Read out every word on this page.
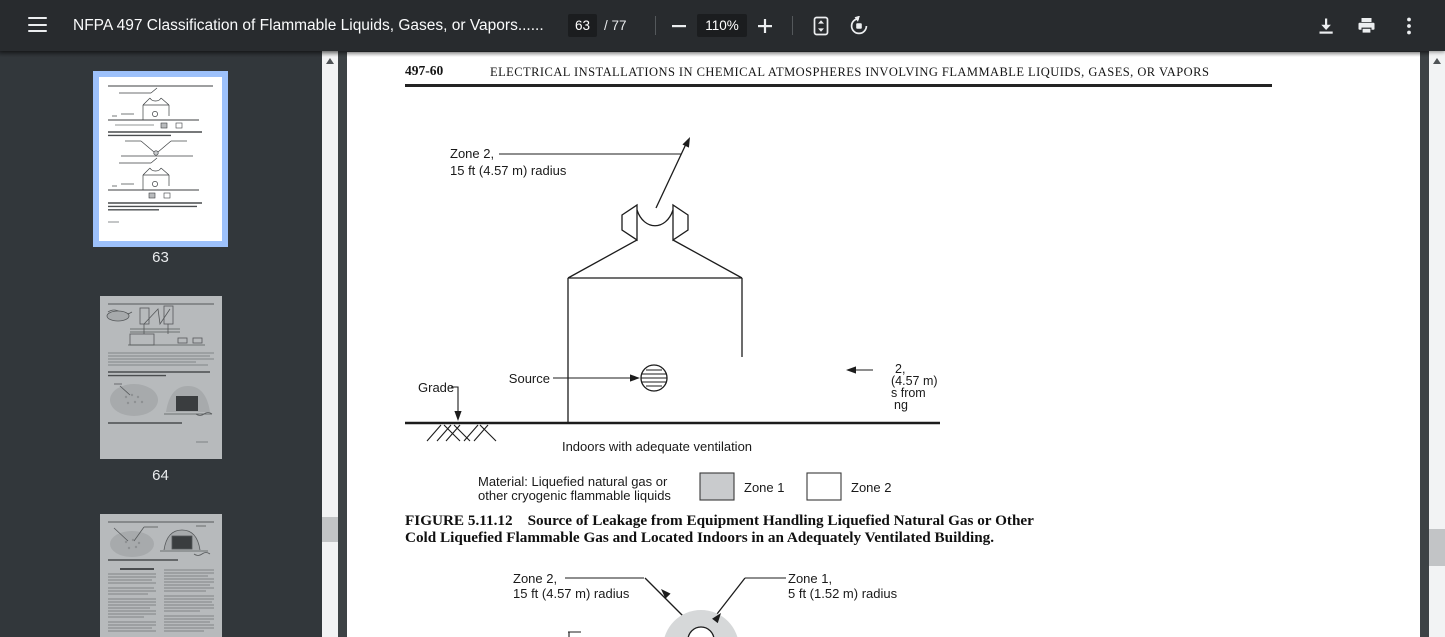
NFPA 497 Classification of Flammable Liquids, Gases, or Vapors......	63	/ 77	110%
63
64
497-60	ELECTRICAL INSTALLATIONS IN CHEMICAL ATMOSPHERES INVOLVING FLAMMABLE LIQUIDS, GASES, OR VAPORS
Zone 2,
15 ft (4.57 m) radius
Source
Grade
2,
(4.57 m)
s from
ng
Indoors with adequate ventilation
Material: Liquefied natural gas or
other cryogenic flammable liquids
Zone 1	Zone 2
Zone 2,
15 ft (4.57 m) radius
Zone 1,
5 ft (1.52 m) radius
FIGURE 5.11.12 Source of Leakage from Equipment Handling Liquefied Natural Gas or Other
Cold Liquefied Flammable Gas and Located Indoors in an Adequately Ventilated Building.
